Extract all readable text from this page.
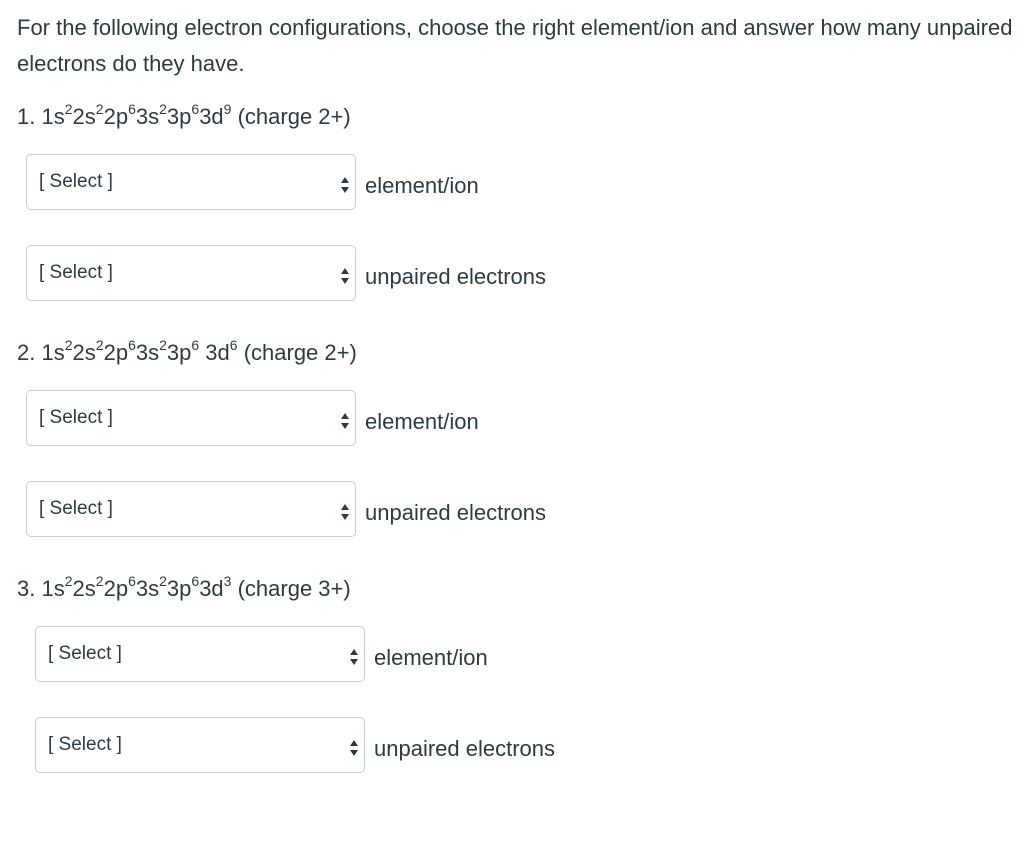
For the following electron configurations, choose the right element/ion and answer how many unpaired electrons do they have.
1. $1s^22s^22p^63s^23p^63d^9$ (charge 2+)
[ Select ]	element/ion
[ Select ]	unpaired electrons
2. $1s^22s^22p^63s^23p^6$ $3d^6$ (charge 2+)
[ Select ]	element/ion
[ Select ]	unpaired electrons
3. $1s^22s^22p^63s^23p^63d^3$ (charge 3+)
[ Select ]	element/ion
[ Select ]	unpaired electrons
